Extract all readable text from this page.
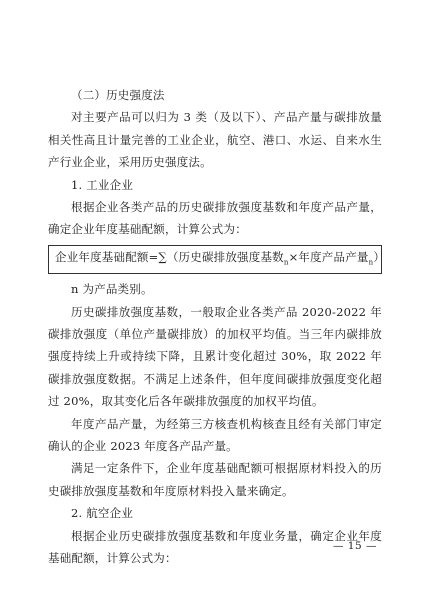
（二）历史强度法

对主要产品可以归为 3 类（及以下）、产品产量与碳排放量相关性高且计量完善的工业企业，航空、港口、水运、自来水生产行业企业，采用历史强度法。

1. 工业企业

根据企业各类产品的历史碳排放强度基数和年度产品产量，确定企业年度基础配额，计算公式为：

企业年度基础配额=∑（历史碳排放强度基数$_n$×年度产品产量$_n$）

n 为产品类别。

历史碳排放强度基数，一般取企业各类产品 2020-2022 年碳排放强度（单位产量碳排放）的加权平均值。当三年内碳排放强度持续上升或持续下降，且累计变化超过 30%，取 2022 年碳排放强度数据。不满足上述条件，但年度间碳排放强度变化超过 20%，取其变化后各年碳排放强度的加权平均值。

年度产品产量，为经第三方核查机构核查且经有关部门审定确认的企业 2023 年度各产品产量。

满足一定条件下，企业年度基础配额可根据原材料投入的历史碳排放强度基数和年度原材料投入量来确定。

2. 航空企业

根据企业历史碳排放强度基数和年度业务量，确定企业年度基础配额，计算公式为：

— 15 —
